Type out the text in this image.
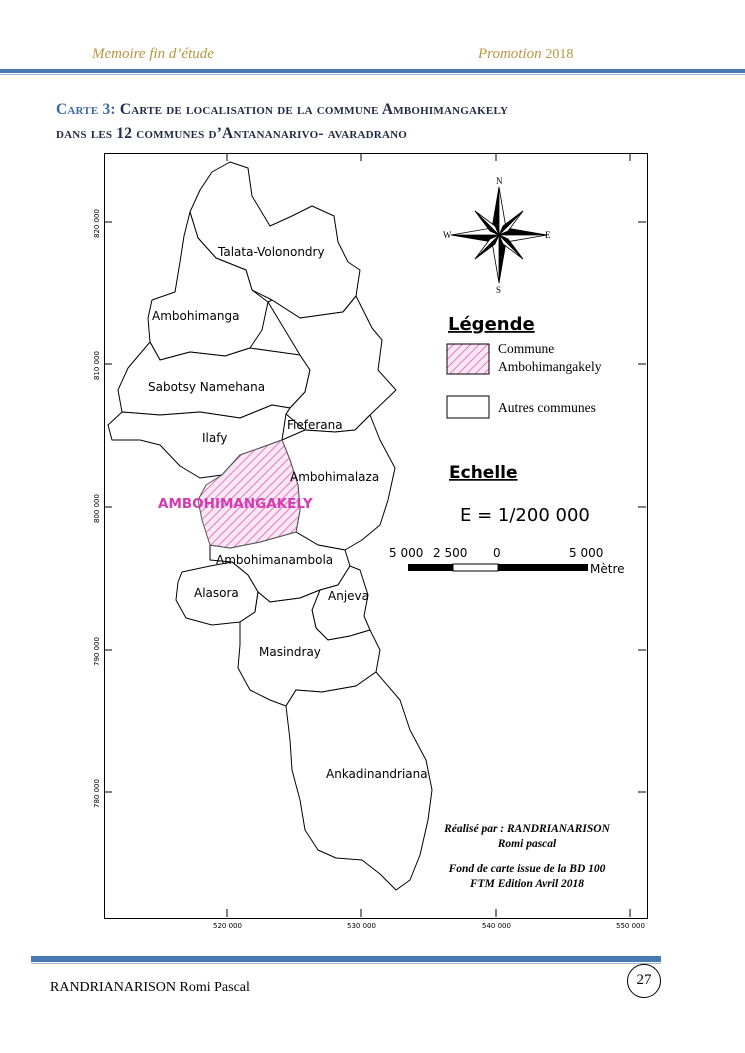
Memoire fin d’étude	Promotion 2018
Carte 3: Carte de localisation de la commune Ambohimangakely
dans les 12 communes d’Antananarivo- avaradrano
820 000
810 000
800 000
790 000
780 000
520 000	530 000	540 000	550 000
Talata-Volonondry
Ambohimanga
Sabotsy Namehana
Fieferana
Ilafy
Ambohimalaza
Ambohimanambola
Alasora	Anjeva
Masindray
Ankadinandriana
AMBOHIMANGAKELY
N
S
E
W
Légende
Commune
Ambohimangakely
Autres communes
Echelle
E = 1/200 000
5 000 2 500 0	5 000
Mètre
Réalisé par : RANDRIANARISON
Romi pascal
Fond de carte issue de la BD 100
FTM Edition Avril 2018
RANDRIANARISON Romi Pascal	27
